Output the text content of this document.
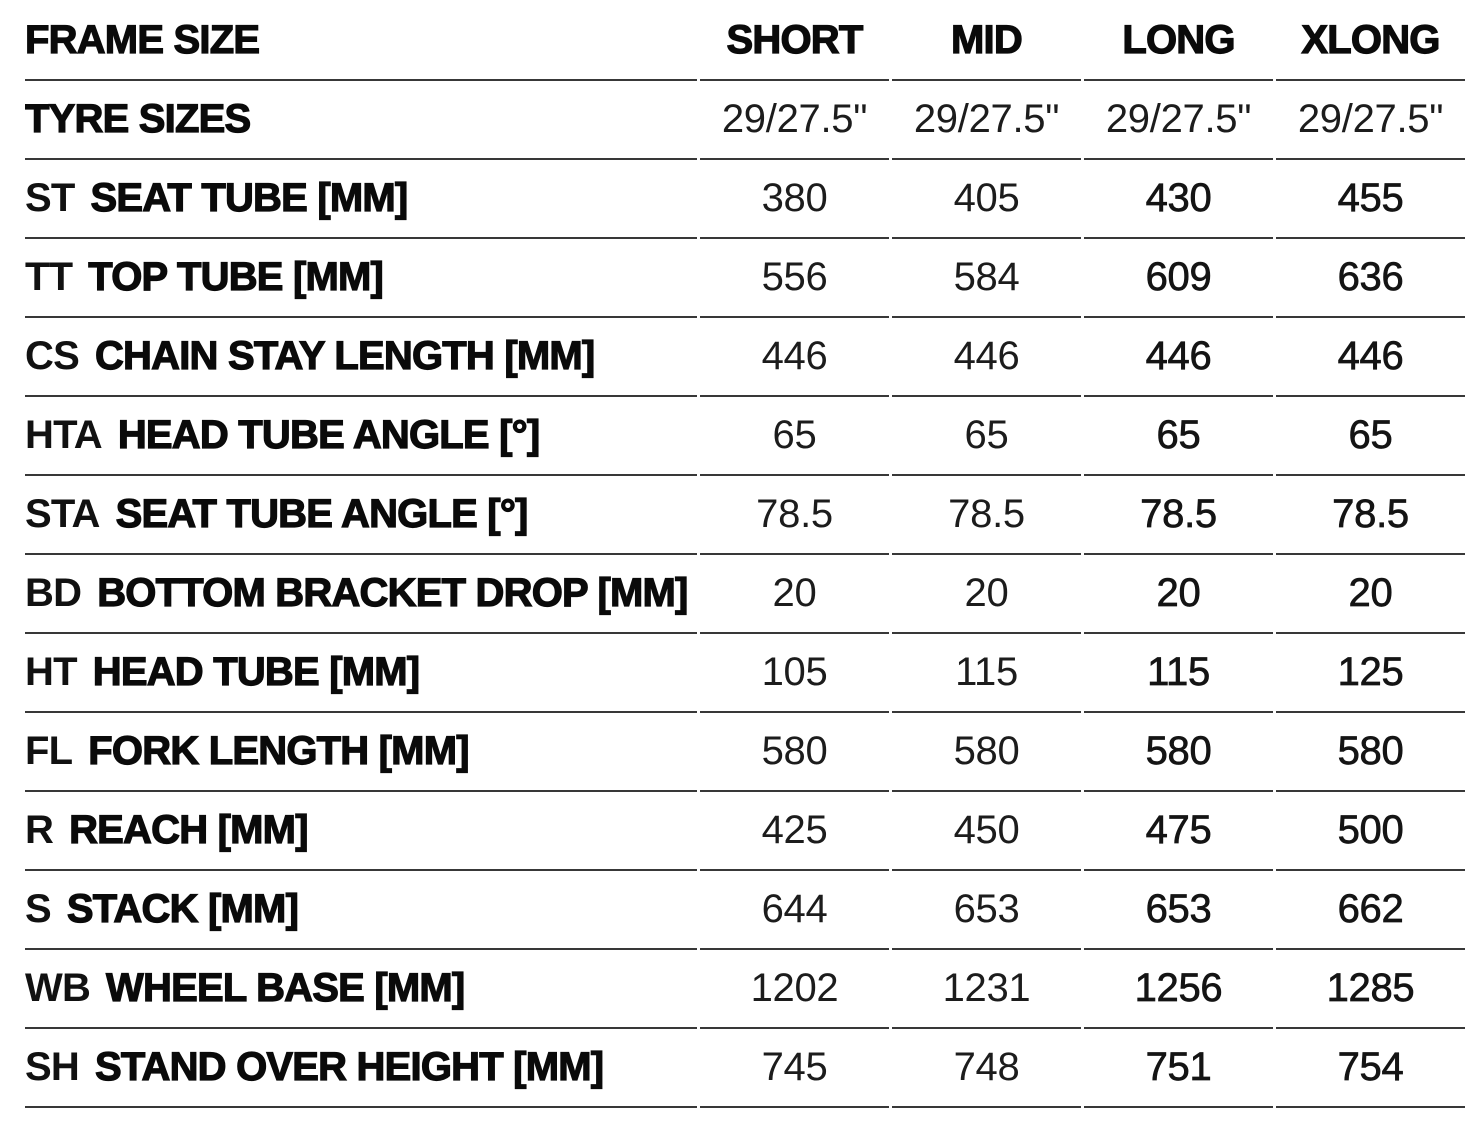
FRAME SIZE	SHORT	MID	LONG	XLONG
TYRE SIZES	29/27.5"	29/27.5"	29/27.5"	29/27.5"
ST SEAT TUBE [MM]	380	405	430	455
TT TOP TUBE [MM]	556	584	609	636
CS CHAIN STAY LENGTH [MM]	446	446	446	446
HTA HEAD TUBE ANGLE [°]	65	65	65	65
STA SEAT TUBE ANGLE [°]	78.5	78.5	78.5	78.5
BD BOTTOM BRACKET DROP [MM]	20	20	20	20
HT HEAD TUBE [MM]	105	115	115	125
FL FORK LENGTH [MM]	580	580	580	580
R REACH [MM]	425	450	475	500
S STACK [MM]	644	653	653	662
WB WHEEL BASE [MM]	1202	1231	1256	1285
SH STAND OVER HEIGHT [MM]	745	748	751	754
